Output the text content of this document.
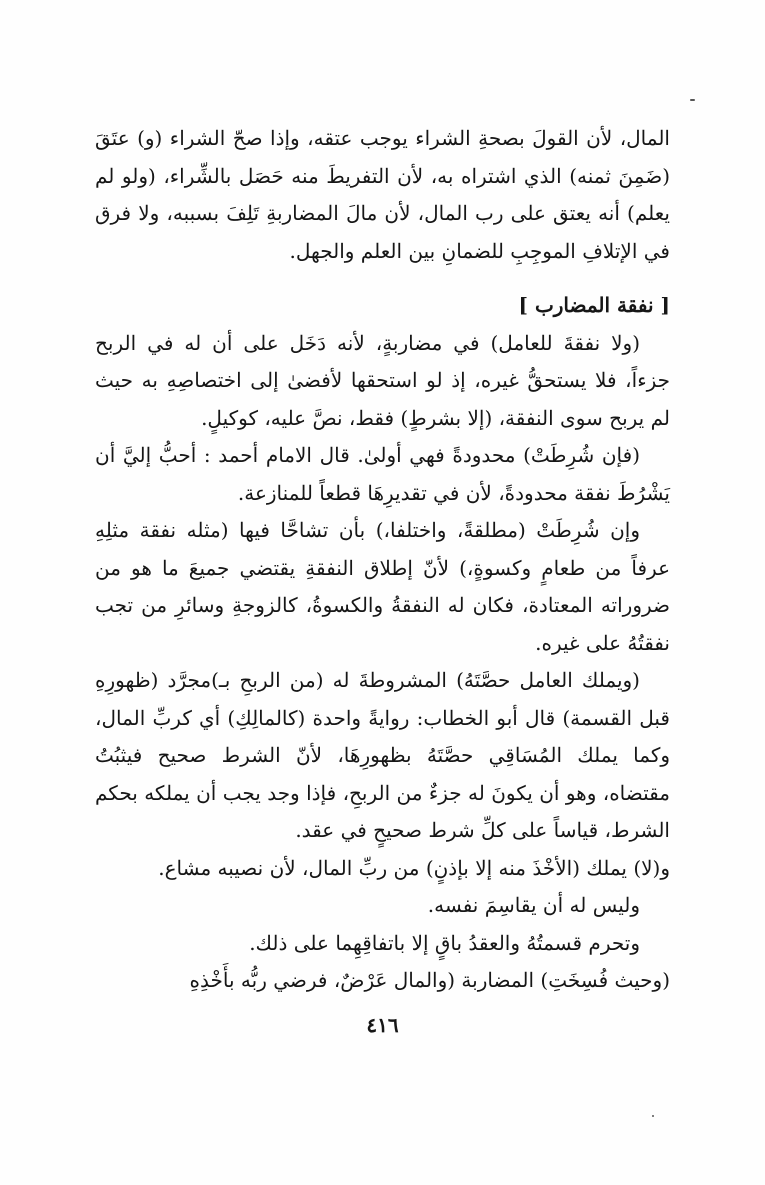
المال، لأن القولَ بصحةِ الشراء يوجب عتقه، وإذا صحّ الشراء (و) عتَقَ (ضَمِنَ ثمنه) الذي اشتراه به، لأن التفريطَ منه حَصَل بالشِّراء، (ولو لم يعلم) أنه يعتق على رب المال، لأن مالَ المضاربةِ تَلِفَ بسببه، ولا فرق في الإتلافِ الموجِبِ للضمانِ بين العلم والجهل.

[ نفقة المضارب ]

(ولا نفقةَ للعامل) في مضاربةٍ، لأنه دَخَل على أن له في الربح جزءاً، فلا يستحقُّ غيره، إذ لو استحقها لأفضىٰ إلى اختصاصِهِ به حيث لم يربح سوى النفقة، (إلا بشرطٍ) فقط، نصَّ عليه، كوكيلٍ.

(فإن شُرِطَتْ) محدودةً فهي أولىٰ. قال الامام أحمد : أحبُّ إليَّ أن يَشْرُطَ نفقة محدودةً، لأن في تقديرِهَا قطعاً للمنازعة.

وإن شُرِطَتْ (مطلقةً، واختلفا،) بأن تشاحَّا فيها (مثله نفقة مثلِهِ عرفاً من طعامٍ وكسوةٍ،) لأنّ إطلاق النفقةِ يقتضي جميعَ ما هو من ضروراته المعتادة، فكان له النفقةُ والكسوةُ، كالزوجةِ وسائرِ من تجب نفقتُهُ على غيره.

(ويملك العامل حصَّتَهُ) المشروطةَ له (من الربحِ بـ)مجرَّد (ظهورِهِ قبل القسمة) قال أبو الخطاب: روايةً واحدة (كالمالِكِ) أي كربِّ المال، وكما يملك المُسَاقِي حصَّتَهُ بظهورِهَا، لأنّ الشرط صحيح فيثبُتُ مقتضاه، وهو أن يكونَ له جزءٌ من الربحِ، فإذا وجد يجب أن يملكه بحكم الشرط، قياساً على كلِّ شرط صحيحٍ في عقد.

و(لا) يملك (الأخْذَ منه إلا بإذنٍ) من ربِّ المال، لأن نصيبه مشاع.

وليس له أن يقاسِمَ نفسه.

وتحرم قسمتُهُ والعقدُ باقٍ إلا باتفاقِهِما على ذلك.

(وحيث فُسِخَتِ) المضاربة (والمال عَرْضٌ، فرضي ربُّه بأَخْذِهِ

٤١٦
